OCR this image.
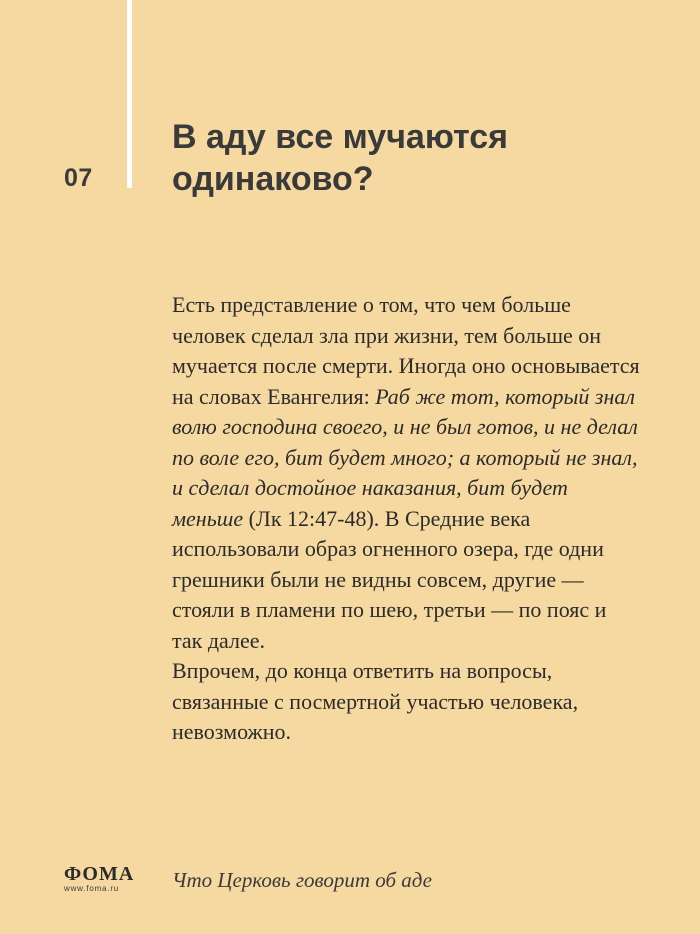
07
В аду все мучаются
одинаково?

Есть представление о том, что чем больше человек сделал зла при жизни, тем больше он мучается после смерти. Иногда оно основывается на словах Евангелия: Раб же тот, который знал волю господина своего, и не был готов, и не делал по воле его, бит будет много; а который не знал, и сделал достойное наказания, бит будет меньше (Лк 12:47-48). В Средние века использовали образ огненного озера, где одни грешники были не видны совсем, другие — стояли в пламени по шею, третьи — по пояс и так далее.

Впрочем, до конца ответить на вопросы, связанные с посмертной участью человека, невозможно.

ФОМА
www.foma.ru	Что Церковь говорит об аде
